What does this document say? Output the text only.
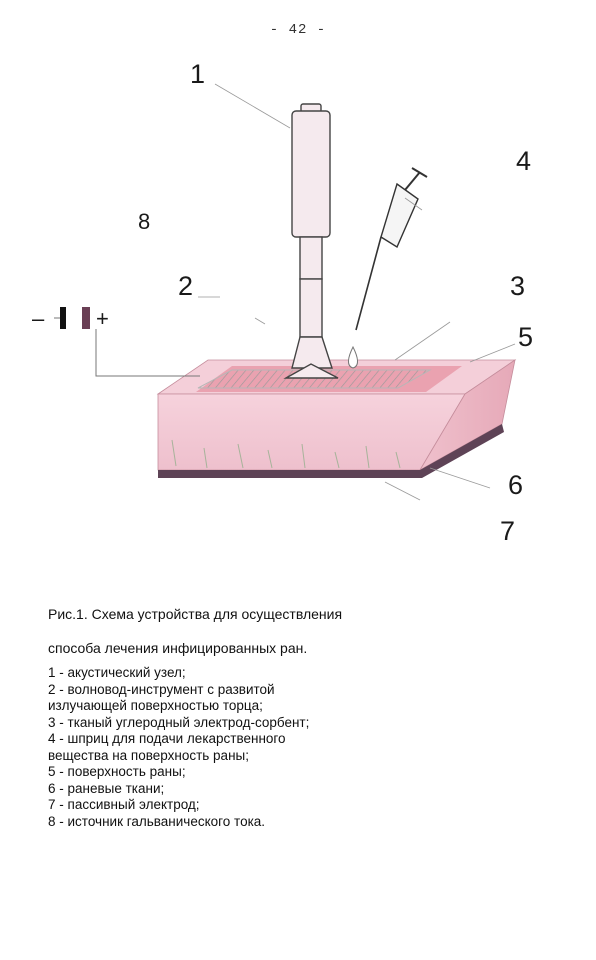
- 42 -
– +
1
2	3
4
5
6
7
8
Рис.1. Схема устройства для осуществления
способа лечения инфицированных ран.
1 - акустический узел;
2 - волновод-инструмент с развитой
излучающей поверхностью торца;
3 - тканый углеродный электрод-сорбент;
4 - шприц для подачи лекарственного
вещества на поверхность раны;
5 - поверхность раны;
6 - раневые ткани;
7 - пассивный электрод;
8 - источник гальванического тока.
